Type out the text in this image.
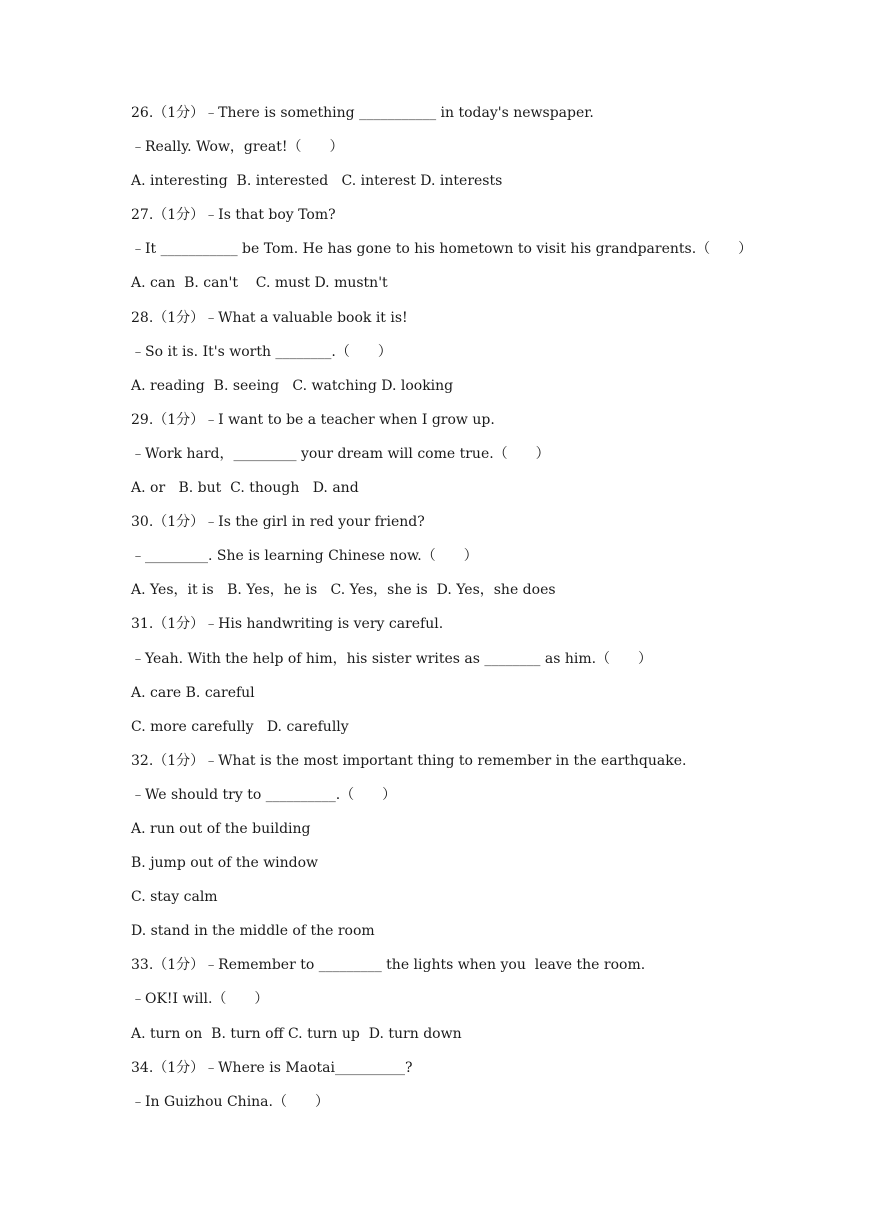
26.（1分）﹣There is something ___________ in today's newspaper.
﹣Really. Wow，great!（　　）
A. interesting  B. interested   C. interest D. interests
27.（1分）﹣Is that boy Tom?
﹣It ___________ be Tom. He has gone to his hometown to visit his grandparents.（　　）
A. can  B. can't    C. must D. mustn't
28.（1分）﹣What a valuable book it is!
﹣So it is. It's worth ________.（　　）
A. reading  B. seeing   C. watching D. looking
29.（1分）﹣I want to be a teacher when I grow up.
﹣Work hard，_________ your dream will come true.（　　）
A. or   B. but  C. though   D. and
30.（1分）﹣Is the girl in red your friend?
﹣_________. She is learning Chinese now.（　　）
A. Yes，it is   B. Yes，he is   C. Yes，she is  D. Yes，she does
31.（1分）﹣His handwriting is very careful.
﹣Yeah. With the help of him，his sister writes as ________ as him.（　　）
A. care B. careful
C. more carefully   D. carefully
32.（1分）﹣What is the most important thing to remember in the earthquake.
﹣We should try to __________.（　　）
A. run out of the building
B. jump out of the window
C. stay calm
D. stand in the middle of the room
33.（1分）﹣Remember to _________ the lights when you  leave the room.
﹣OK!I will.（　　）
A. turn on  B. turn off C. turn up  D. turn down
34.（1分）﹣Where is Maotai__________?
﹣In Guizhou China.（　　）
